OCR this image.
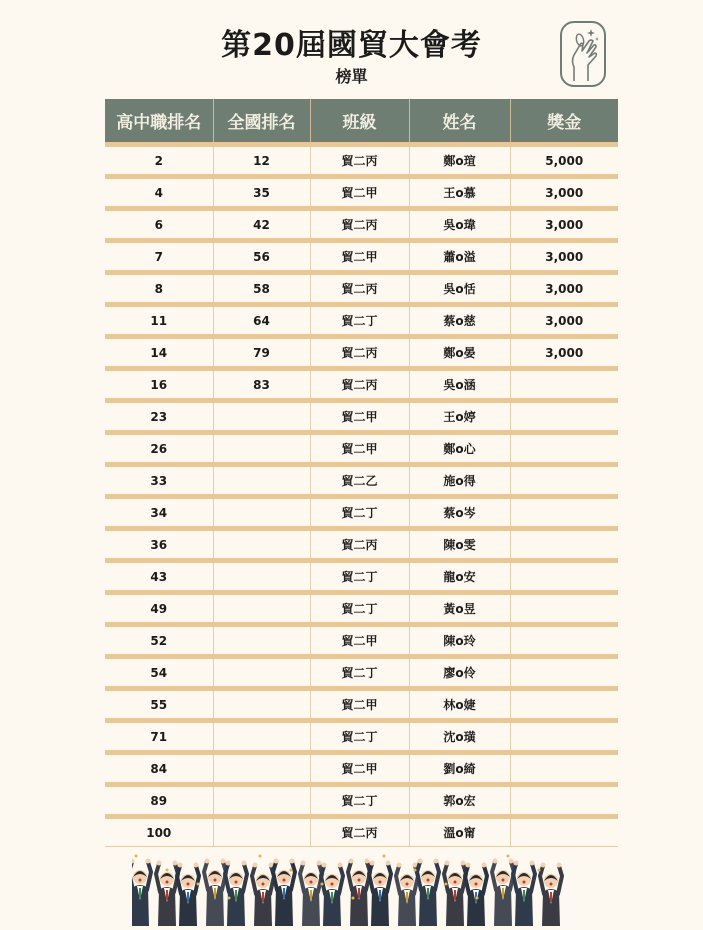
第20屆國貿大會考
榜單
高中職排名	全國排名	班級	姓名	獎金
2	12	貿二丙	鄭o瑄	5,000
4	35	貿二甲	王o慕	3,000
6	42	貿二丙	吳o瑋	3,000
7	56	貿二甲	蕭o溢	3,000
8	58	貿二丙	吳o恬	3,000
11	64	貿二丁	蔡o慈	3,000
14	79	貿二丙	鄭o晏	3,000
16	83	貿二丙	吳o涵	
23		貿二甲	王o婷	
26		貿二甲	鄭o心	
33		貿二乙	施o得	
34		貿二丁	蔡o岑	
36		貿二丙	陳o雯	
43		貿二丁	龍o安	
49		貿二丁	黃o昱	
52		貿二甲	陳o玲	
54		貿二丁	廖o伶	
55		貿二甲	林o婕	
71		貿二丁	沈o璜	
84		貿二甲	劉o綺	
89		貿二丁	郭o宏	
100		貿二丙	溫o甯	
